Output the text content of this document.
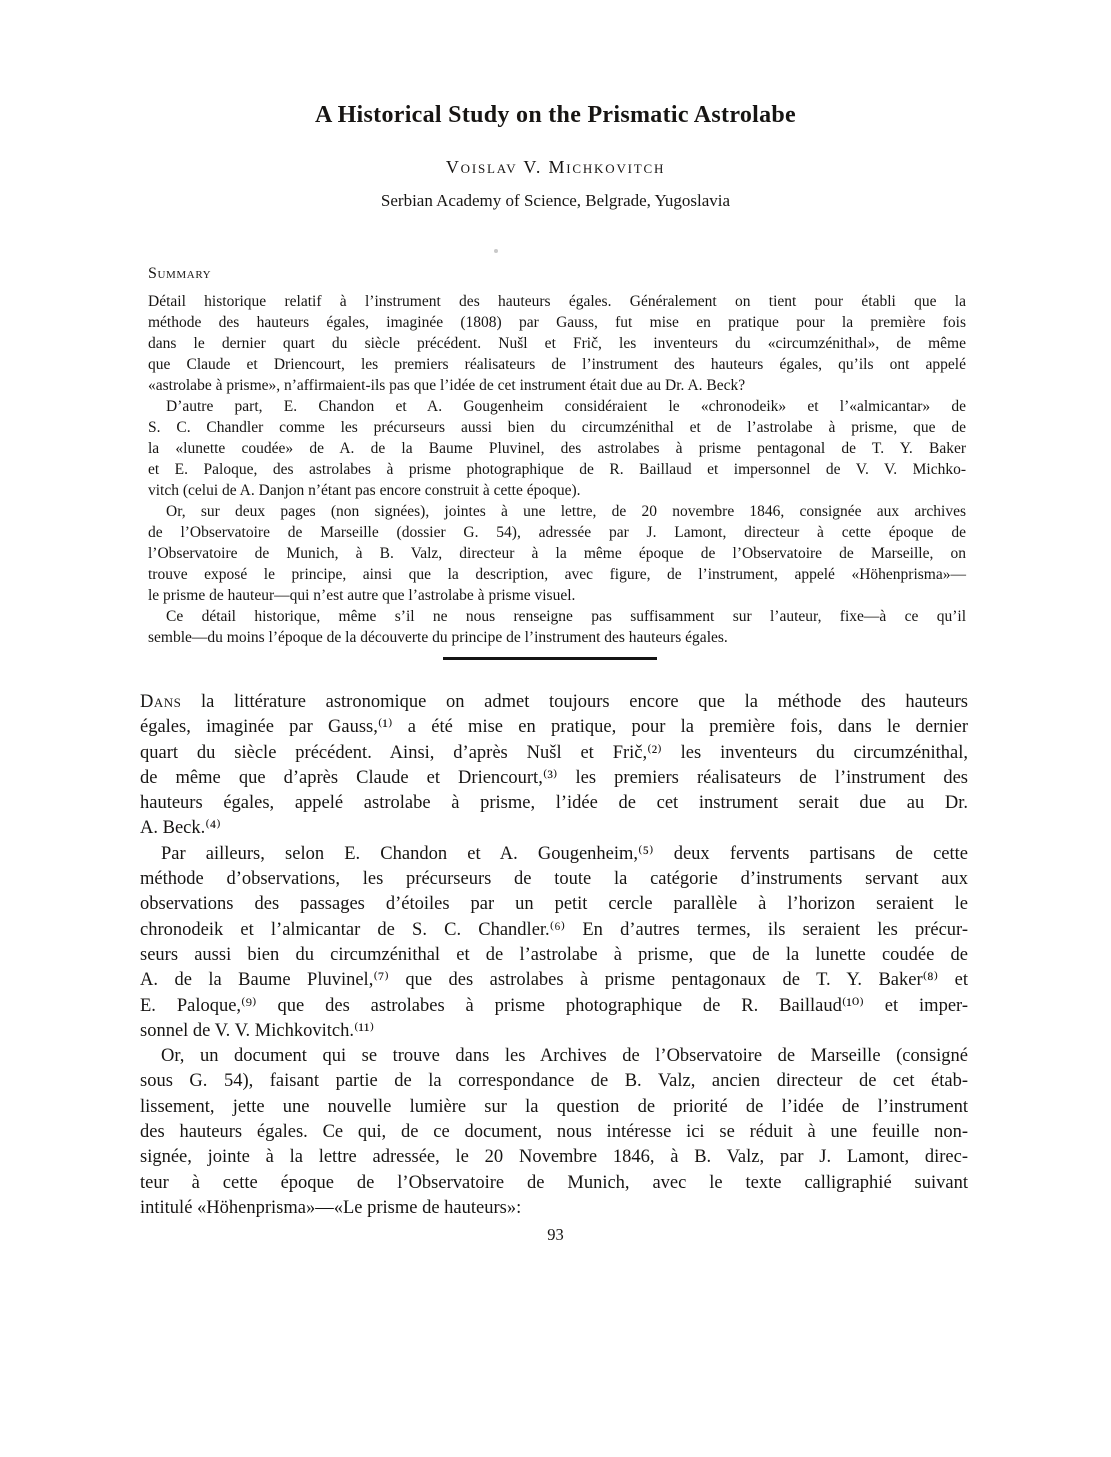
A Historical Study on the Prismatic Astrolabe
Voislav V. Michkovitch
Serbian Academy of Science, Belgrade, Yugoslavia
Summary
Détail historique relatif à l’instrument des hauteurs égales. Généralement on tient pour établi que la
méthode des hauteurs égales, imaginée (1808) par Gauss, fut mise en pratique pour la première fois
dans le dernier quart du siècle précédent. Nušl et Frič, les inventeurs du «circumzénithal», de même
que Claude et Driencourt, les premiers réalisateurs de l’instrument des hauteurs égales, qu’ils ont appelé
«astrolabe à prisme», n’affirmaient-ils pas que l’idée de cet instrument était due au Dr. A. Beck?
D’autre part, E. Chandon et A. Gougenheim considéraient le «chronodeik» et l’«almicantar» de
S. C. Chandler comme les précurseurs aussi bien du circumzénithal et de l’astrolabe à prisme, que de
la «lunette coudée» de A. de la Baume Pluvinel, des astrolabes à prisme pentagonal de T. Y. Baker
et E. Paloque, des astrolabes à prisme photographique de R. Baillaud et impersonnel de V. V. Michko-
vitch (celui de A. Danjon n’étant pas encore construit à cette époque).
Or, sur deux pages (non signées), jointes à une lettre, de 20 novembre 1846, consignée aux archives
de l’Observatoire de Marseille (dossier G. 54), adressée par J. Lamont, directeur à cette époque de
l’Observatoire de Munich, à B. Valz, directeur à la même époque de l’Observatoire de Marseille, on
trouve exposé le principe, ainsi que la description, avec figure, de l’instrument, appelé «Höhenprisma»—
le prisme de hauteur—qui n’est autre que l’astrolabe à prisme visuel.
Ce détail historique, même s’il ne nous renseigne pas suffisamment sur l’auteur, fixe—à ce qu’il
semble—du moins l’époque de la découverte du principe de l’instrument des hauteurs égales.
Dans la littérature astronomique on admet toujours encore que la méthode des hauteurs
égales, imaginée par Gauss,⁽¹⁾ a été mise en pratique, pour la première fois, dans le dernier
quart du siècle précédent. Ainsi, d’après Nušl et Frič,⁽²⁾ les inventeurs du circumzénithal,
de même que d’après Claude et Driencourt,⁽³⁾ les premiers réalisateurs de l’instrument des
hauteurs égales, appelé astrolabe à prisme, l’idée de cet instrument serait due au Dr.
A. Beck.⁽⁴⁾
Par ailleurs, selon E. Chandon et A. Gougenheim,⁽⁵⁾ deux fervents partisans de cette
méthode d’observations, les précurseurs de toute la catégorie d’instruments servant aux
observations des passages d’étoiles par un petit cercle parallèle à l’horizon seraient le
chronodeik et l’almicantar de S. C. Chandler.⁽⁶⁾ En d’autres termes, ils seraient les précur-
seurs aussi bien du circumzénithal et de l’astrolabe à prisme, que de la lunette coudée de
A. de la Baume Pluvinel,⁽⁷⁾ que des astrolabes à prisme pentagonaux de T. Y. Baker⁽⁸⁾ et
E. Paloque,⁽⁹⁾ que des astrolabes à prisme photographique de R. Baillaud⁽¹⁰⁾ et imper-
sonnel de V. V. Michkovitch.⁽¹¹⁾
Or, un document qui se trouve dans les Archives de l’Observatoire de Marseille (consigné
sous G. 54), faisant partie de la correspondance de B. Valz, ancien directeur de cet étab-
lissement, jette une nouvelle lumière sur la question de priorité de l’idée de l’instrument
des hauteurs égales. Ce qui, de ce document, nous intéresse ici se réduit à une feuille non-
signée, jointe à la lettre adressée, le 20 Novembre 1846, à B. Valz, par J. Lamont, direc-
teur à cette époque de l’Observatoire de Munich, avec le texte calligraphié suivant
intitulé «Höhenprisma»—«Le prisme de hauteurs»:
93
